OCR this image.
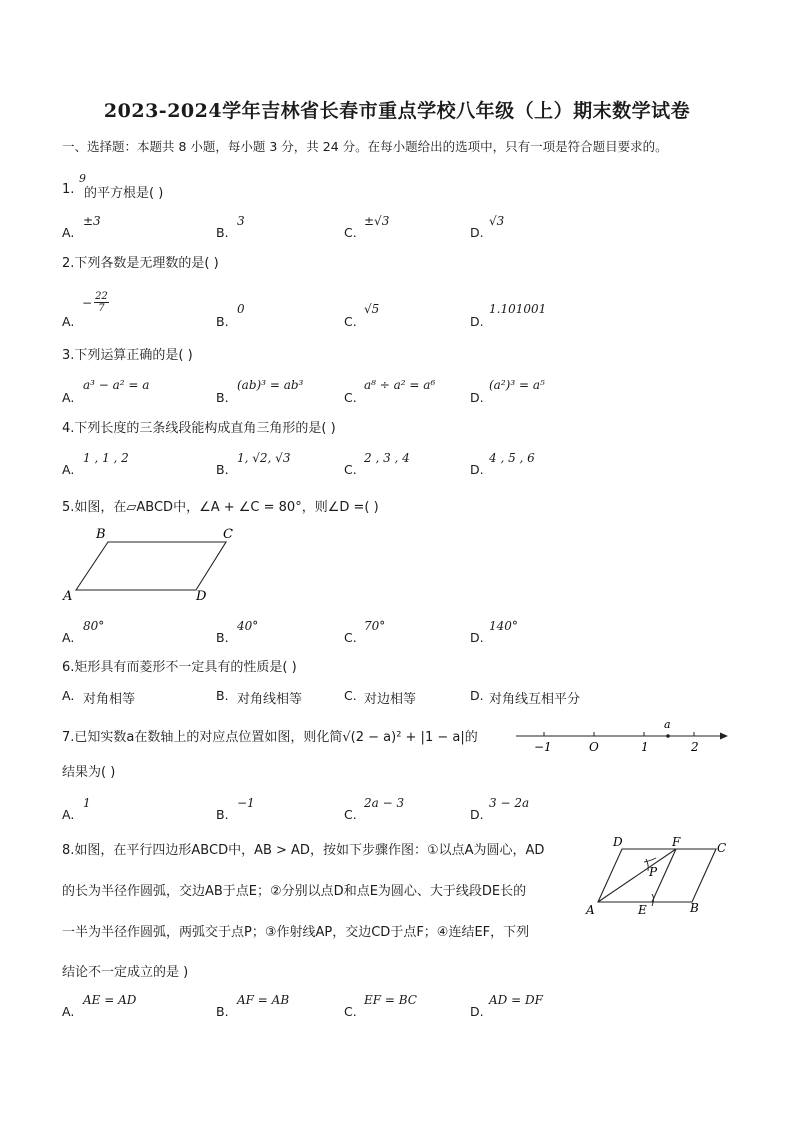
2023-2024学年吉林省长春市重点学校八年级（上）期末数学试卷
一、选择题：本题共 8 小题，每小题 3 分，共 24 分。在每小题给出的选项中，只有一项是符合题目要求的。
1.
9
的平方根是( )
A.
±3
B.
3
C.
±√3
D.
√3
2.下列各数是无理数的是( )
A.
− $\frac{22}{7}$
B.
0
C.
√5
D.
1.101001
3.下列运算正确的是( )
A.
a³ − a² = a
B.
(ab)³ = ab³
C.
a⁸ ÷ a² = a⁶
D.
(a²)³ = a⁵
4.下列长度的三条线段能构成直角三角形的是( )
A.
1 , 1 , 2
B.
1, √2, √3
C.
2 , 3 , 4
D.
4 , 5 , 6
5.如图，在▱ABCD中，∠A + ∠C = 80°，则∠D =( )
B	C
A	D
A.
80°
B.
40°
C.
70°
D.
140°
6.矩形具有而菱形不一定具有的性质是( )
A. 对角相等	B. 对角线相等	C. 对边相等	D. 对角线互相平分
7.已知实数a在数轴上的对应点位置如图，则化简√(2 − a)² + |1 − a|的
−1	O	1	2
a
结果为( )
A.
1
B.
−1
C.
2a − 3
D.
3 − 2a
8.如图，在平行四边形ABCD中，AB > AD，按如下步骤作图：①以点A为圆心，AD
的长为半径作圆弧，交边AB于点E；②分别以点D和点E为圆心、大于线段DE长的
一半为半径作圆弧，两弧交于点P；③作射线AP，交边CD于点F；④连结EF，下列
结论不一定成立的是 )
D	F	C
P
A	E	B
A.
AE = AD
B.
AF = AB
C.
EF = BC
D.
AD = DF
